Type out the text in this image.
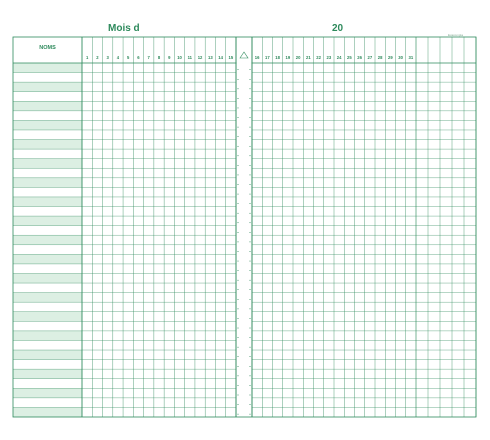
Mois d	20
Exacompta
NOMS
1 2 3 4 5 6 7 8 9 10 11 12 13 14 15	16 17 18 19 20 21 22 23 24 25 26 27 28 29 30 31
